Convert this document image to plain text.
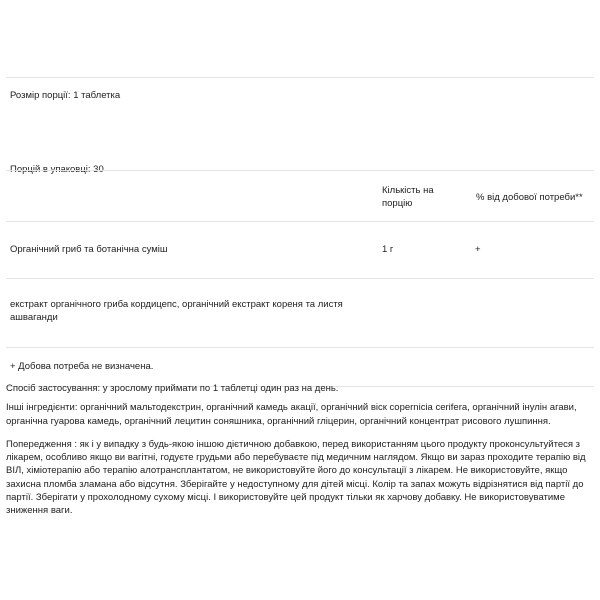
Розмір порції: 1 таблетка
Порцій в упаковці: 30
Кількість на порцію
% від добової потреби**
Органічний гриб та ботанічна суміш	1 г	+
екстракт органічного гриба кордицепс, органічний екстракт кореня та листя ашваганди
+ Добова потреба не визначена.

Спосіб застосування: у зрослому приймати по 1 таблетці один раз на день.

Інші інгредієнти: органічний мальтодекстрин, органічний камедь акації, органічний віск copernicia cerifera, органічний інулін агави, органічна гуарова камедь, органічний лецитин соняшника, органічний гліцерин, органічний концентрат рисового лушпиння.

Попередження : як і у випадку з будь-якою іншою дієтичною добавкою, перед використанням цього продукту проконсультуйтеся з лікарем, особливо якщо ви вагітні, годуєте грудьми або перебуваєте під медичним наглядом. Якщо ви зараз проходите терапію від ВІЛ, хіміотерапію або терапію алотрансплантатом, не використовуйте його до консультації з лікарем. Не використовуйте, якщо захисна пломба зламана або відсутня. Зберігайте у недоступному для дітей місці. Колір та запах можуть відрізнятися від партії до партії. Зберігати у прохолодному сухому місці. І використовуйте цей продукт тільки як харчову добавку. Не використовуватиме зниження ваги.
